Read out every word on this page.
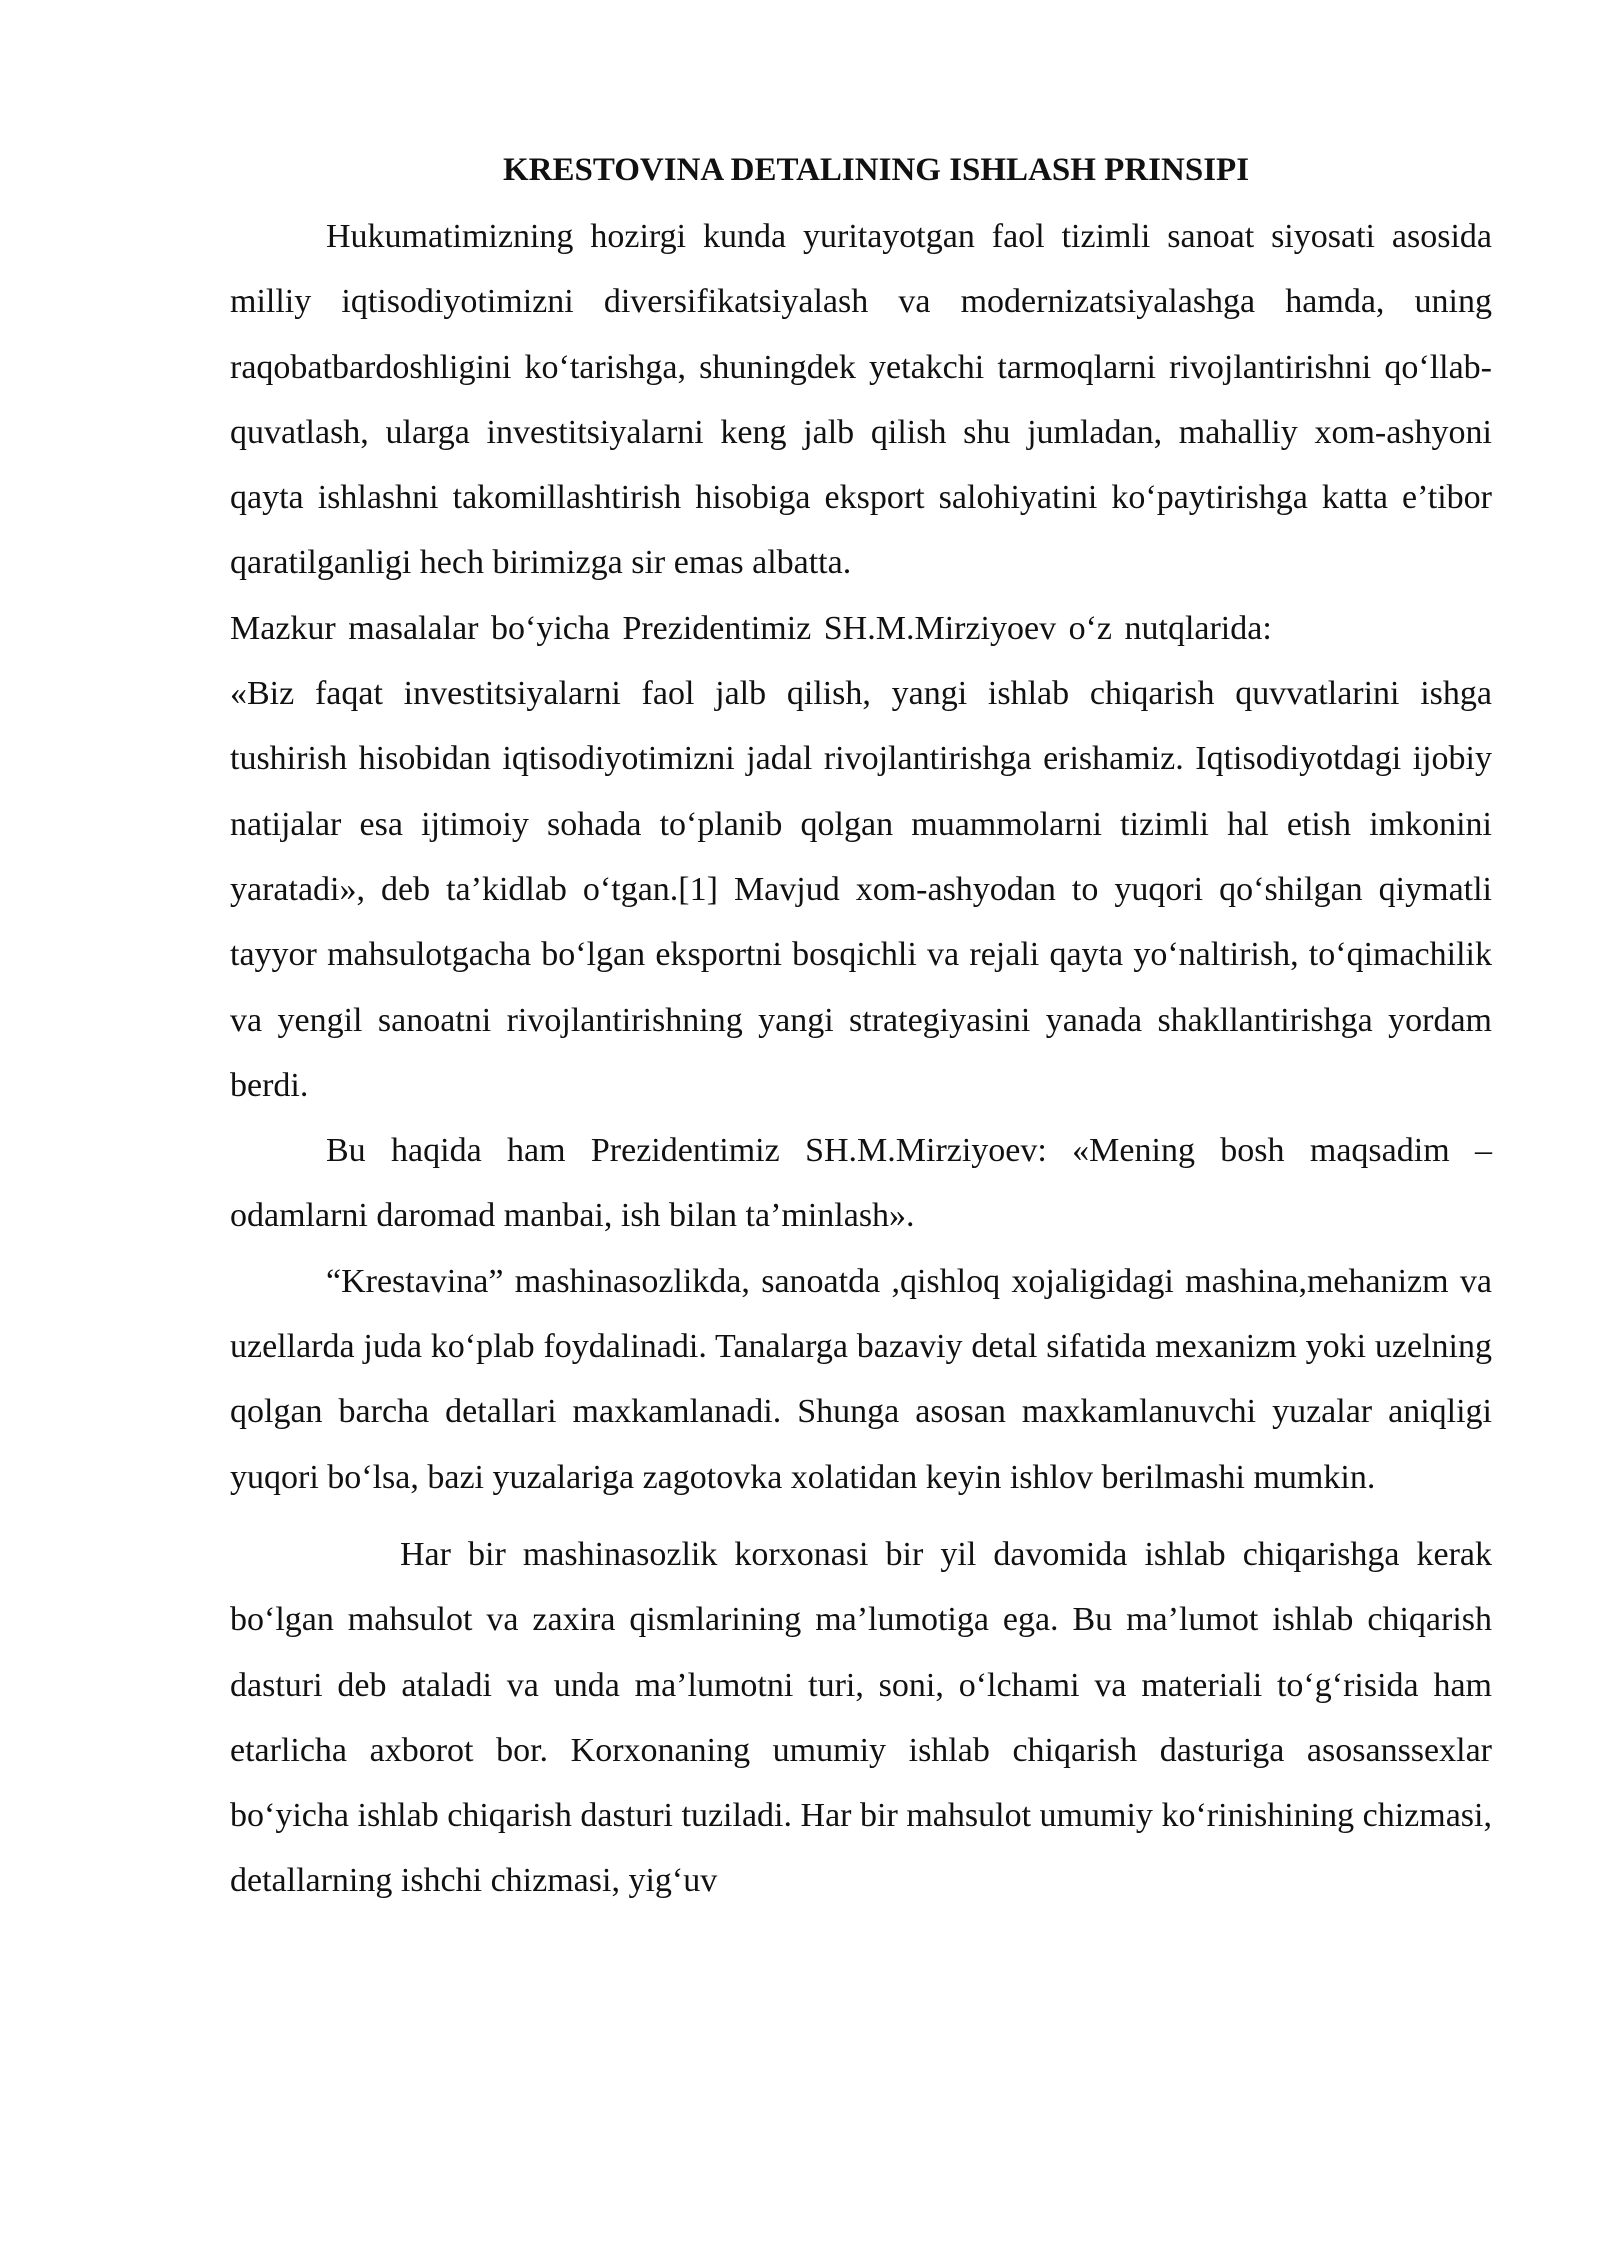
KRESTOVINA DETALINING ISHLASH PRINSIPI

Hukumatimizning hozirgi kunda yuritayotgan faol tizimli sanoat siyosati asosida milliy iqtisodiyotimizni diversifikatsiyalash va modernizatsiyalashga hamda, uning raqobatbardoshligini ko‘tarishga, shuningdek yetakchi tarmoqlarni rivojlantirishni qo‘llab-quvatlash, ularga investitsiyalarni keng jalb qilish shu jumladan, mahalliy xom-ashyoni qayta ishlashni takomillashtirish hisobiga eksport salohiyatini ko‘paytirishga katta e’tibor qaratilganligi hech birimizga sir emas albatta.

Mazkur masalalar bo‘yicha Prezidentimiz SH.M.Mirziyoev o‘z nutqlarida:

«Biz faqat investitsiyalarni faol jalb qilish, yangi ishlab chiqarish quvvatlarini ishga tushirish hisobidan iqtisodiyotimizni jadal rivojlantirishga erishamiz. Iqtisodiyotdagi ijobiy natijalar esa ijtimoiy sohada to‘planib qolgan muammolarni tizimli hal etish imkonini yaratadi», deb ta’kidlab o‘tgan.[1] Mavjud xom-ashyodan to yuqori qo‘shilgan qiymatli tayyor mahsulotgacha bo‘lgan eksportni bosqichli va rejali qayta yo‘naltirish, to‘qimachilik va yengil sanoatni rivojlantirishning yangi strategiyasini yanada shakllantirishga yordam berdi.

Bu haqida ham Prezidentimiz SH.M.Mirziyoev: «Mening bosh maqsadim – odamlarni daromad manbai, ish bilan ta’minlash».

“Krestavina” mashinasozlikda, sanoatda ,qishloq xojaligidagi mashina,mehanizm va uzellarda juda ko‘plab foydalinadi. Tanalarga bazaviy detal sifatida mexanizm yoki uzelning qolgan barcha detallari maxkamlanadi. Shunga asosan maxkamlanuvchi yuzalar aniqligi yuqori bo‘lsa, bazi yuzalariga zagotovka xolatidan keyin ishlov berilmashi mumkin.

Har bir mashinasozlik korxonasi bir yil davomida ishlab chiqarishga kerak bo‘lgan mahsulot va zaxira qismlarining ma’lumotiga ega. Bu ma’lumot ishlab chiqarish dasturi deb ataladi va unda ma’lumotni turi, soni, o‘lchami va materiali to‘g‘risida ham etarlicha axborot bor. Korxonaning umumiy ishlab chiqarish dasturiga asosanssexlar bo‘yicha ishlab chiqarish dasturi tuziladi. Har bir mahsulot umumiy ko‘rinishining chizmasi, detallarning ishchi chizmasi, yig‘uv
